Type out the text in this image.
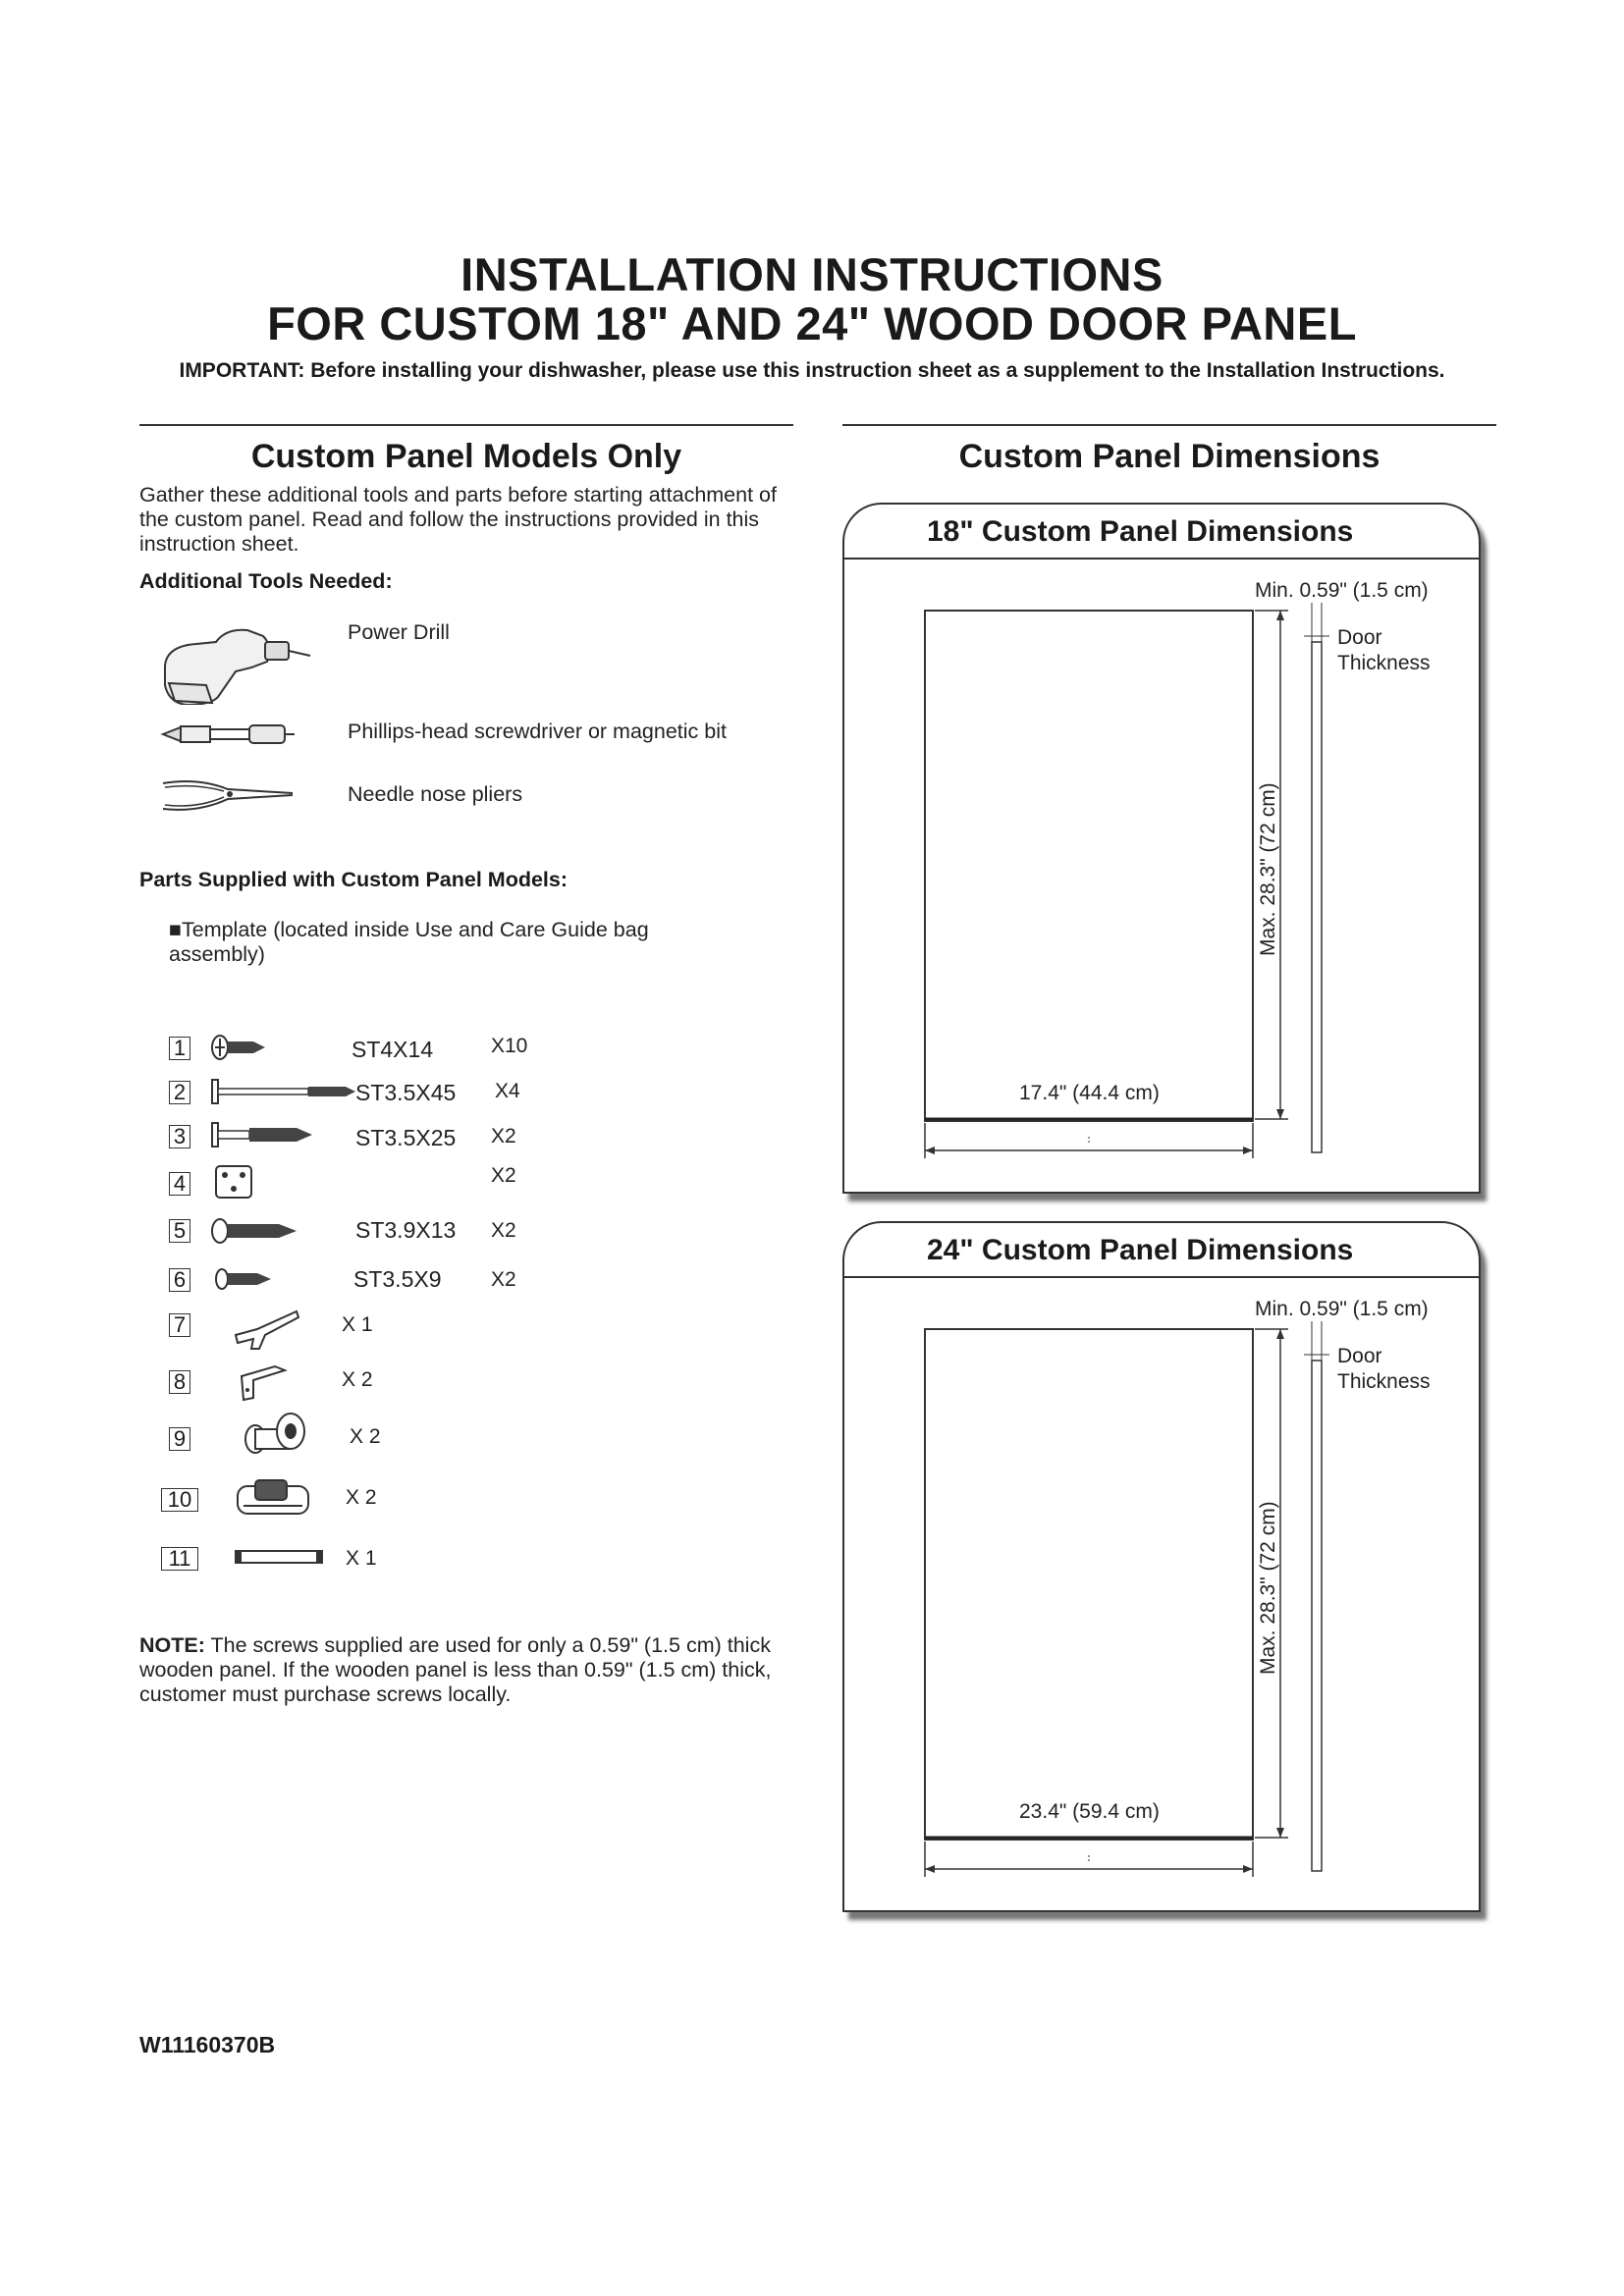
INSTALLATION INSTRUCTIONS
FOR CUSTOM 18" AND 24" WOOD DOOR PANEL
IMPORTANT: Before installing your dishwasher, please use this instruction sheet as a supplement to the Installation Instructions.
Custom Panel Models Only
Gather these additional tools and parts before starting attachment of the custom panel. Read and follow the instructions provided in this instruction sheet.
Additional Tools Needed:
Power Drill
Phillips-head screwdriver or magnetic bit
Needle nose pliers
Parts Supplied with Custom Panel Models:
■Template (located inside Use and Care Guide bag assembly)
1	ST4X14	X10
2	ST3.5X45 X4
3	ST3.5X25 X2
4	X2
5	ST3.9X13 X2
6	ST3.5X9 X2
7	X 1
8	X 2
9	X 2
10	X 2
11	X 1
NOTE: The screws supplied are used for only a 0.59" (1.5 cm) thick wooden panel. If the wooden panel is less than 0.59" (1.5 cm) thick, customer must purchase screws locally.
Custom Panel Dimensions
18" Custom Panel Dimensions
Min. 0.59" (1.5 cm)
Door
Thickness
Max. 28.3" (72 cm)
17.4" (44.4 cm)
24" Custom Panel Dimensions
Min. 0.59" (1.5 cm)
Door
Thickness
Max. 28.3" (72 cm)
23.4" (59.4 cm)
W11160370B
